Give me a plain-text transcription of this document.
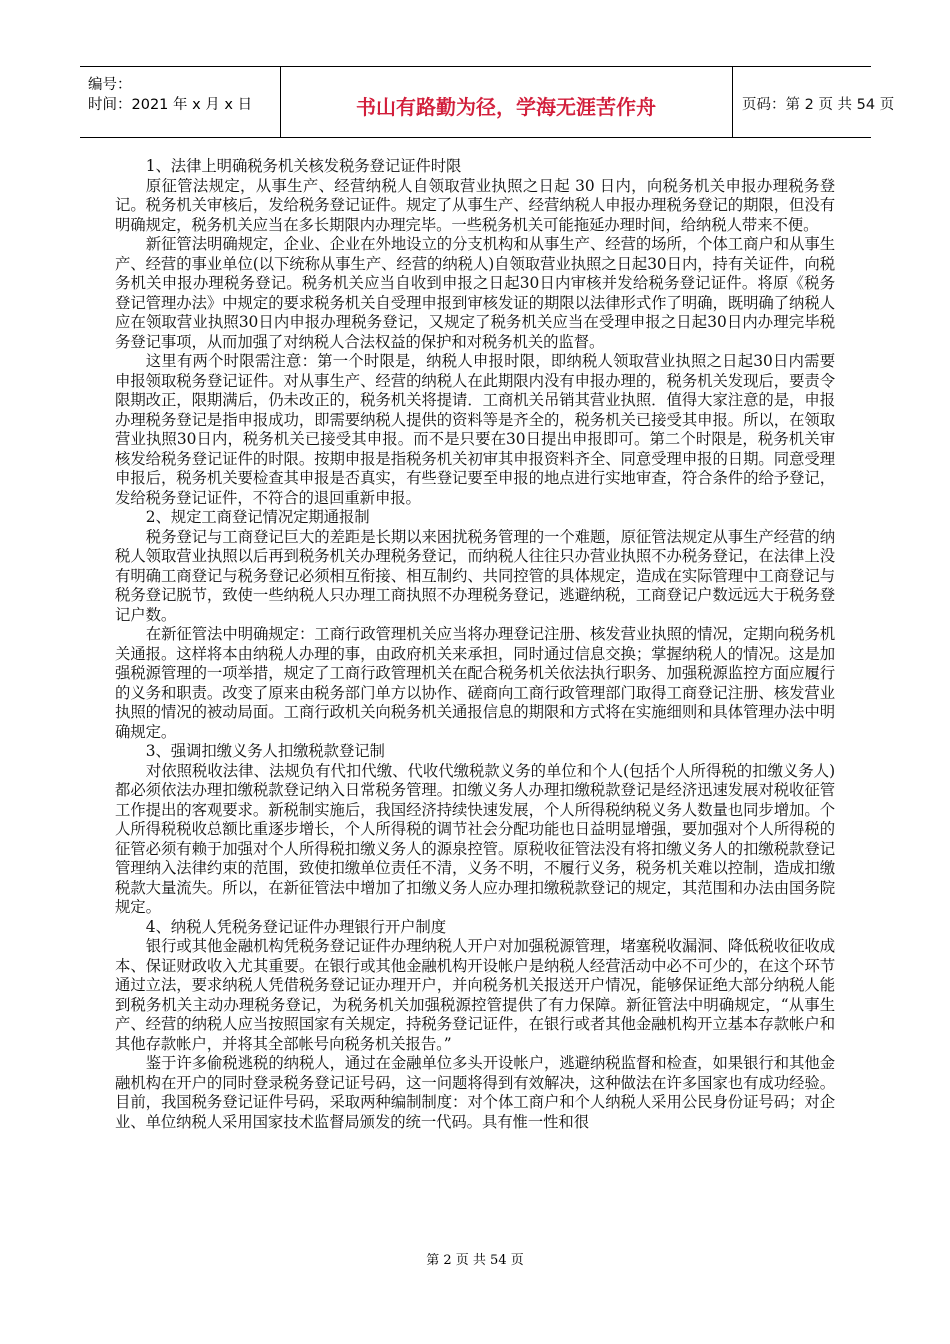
编号：
时间：2021 年 x 月 x 日	书山有路勤为径，学海无涯苦作舟	页码：第 2 页 共 54 页

1、法律上明确税务机关核发税务登记证件时限

原征管法规定，从事生产、经营纳税人自领取营业执照之日起 30 日内，向税务机关申报办理税务登记。税务机关审核后，发给税务登记证件。规定了从事生产、经营纳税人申报办理税务登记的期限，但没有明确规定，税务机关应当在多长期限内办理完毕。一些税务机关可能拖延办理时间，给纳税人带来不便。

新征管法明确规定，企业、企业在外地设立的分支机构和从事生产、经营的场所，个体工商户和从事生产、经营的事业单位(以下统称从事生产、经营的纳税人)自领取营业执照之日起30日内，持有关证件，向税务机关申报办理税务登记。税务机关应当自收到申报之日起30日内审核并发给税务登记证件。将原《税务登记管理办法》中规定的要求税务机关自受理申报到审核发证的期限以法律形式作了明确，既明确了纳税人应在领取营业执照30日内申报办理税务登记，又规定了税务机关应当在受理申报之日起30日内办理完毕税务登记事项，从而加强了对纳税人合法权益的保护和对税务机关的监督。

这里有两个时限需注意：第一个时限是，纳税人申报时限，即纳税人领取营业执照之日起30日内需要申报领取税务登记证件。对从事生产、经营的纳税人在此期限内没有申报办理的，税务机关发现后，要责令限期改正，限期满后，仍未改正的，税务机关将提请．工商机关吊销其营业执照．值得大家注意的是，申报办理税务登记是指申报成功，即需要纳税人提供的资料等是齐全的，税务机关已接受其申报。所以，在领取营业执照30日内，税务机关已接受其申报。而不是只要在30日提出申报即可。第二个时限是，税务机关审核发给税务登记证件的时限。按期申报是指税务机关初审其申报资料齐全、同意受理申报的日期。同意受理申报后，税务机关要检查其申报是否真实，有些登记要至申报的地点进行实地审查，符合条件的给予登记，发给税务登记证件，不符合的退回重新申报。

2、规定工商登记情况定期通报制

税务登记与工商登记巨大的差距是长期以来困扰税务管理的一个难题，原征管法规定从事生产经营的纳税人领取营业执照以后再到税务机关办理税务登记，而纳税人往往只办营业执照不办税务登记，在法律上没有明确工商登记与税务登记必须相互衔接、相互制约、共同控管的具体规定，造成在实际管理中工商登记与税务登记脱节，致使一些纳税人只办理工商执照不办理税务登记，逃避纳税，工商登记户数远远大于税务登记户数。

在新征管法中明确规定：工商行政管理机关应当将办理登记注册、核发营业执照的情况，定期向税务机关通报。这样将本由纳税人办理的事，由政府机关来承担，同时通过信息交换；掌握纳税人的情况。这是加强税源管理的一项举措，规定了工商行政管理机关在配合税务机关依法执行职务、加强税源监控方面应履行的义务和职责。改变了原来由税务部门单方以协作、磋商向工商行政管理部门取得工商登记注册、核发营业执照的情况的被动局面。工商行政机关向税务机关通报信息的期限和方式将在实施细则和具体管理办法中明确规定。

3、强调扣缴义务人扣缴税款登记制

对依照税收法律、法规负有代扣代缴、代收代缴税款义务的单位和个人(包括个人所得税的扣缴义务人)都必须依法办理扣缴税款登记纳入日常税务管理。扣缴义务人办理扣缴税款登记是经济迅速发展对税收征管工作提出的客观要求。新税制实施后，我国经济持续快速发展，个人所得税纳税义务人数量也同步增加。个人所得税税收总额比重逐步增长，个人所得税的调节社会分配功能也日益明显增强，要加强对个人所得税的征管必须有赖于加强对个人所得税扣缴义务人的源泉控管。原税收征管法没有将扣缴义务人的扣缴税款登记管理纳入法律约束的范围，致使扣缴单位责任不清，义务不明，不履行义务，税务机关难以控制，造成扣缴税款大量流失。所以，在新征管法中增加了扣缴义务人应办理扣缴税款登记的规定，其范围和办法由国务院规定。

4、纳税人凭税务登记证件办理银行开户制度

银行或其他金融机构凭税务登记证件办理纳税人开户对加强税源管理，堵塞税收漏洞、降低税收征收成本、保证财政收入尤其重要。在银行或其他金融机构开设帐户是纳税人经营活动中必不可少的，在这个环节通过立法，要求纳税人凭借税务登记证办理开户，并向税务机关报送开户情况，能够保证绝大部分纳税人能到税务机关主动办理税务登记，为税务机关加强税源控管提供了有力保障。新征管法中明确规定，“从事生产、经营的纳税人应当按照国家有关规定，持税务登记证件，在银行或者其他金融机构开立基本存款帐户和其他存款帐户，并将其全部帐号向税务机关报告。”

鉴于许多偷税逃税的纳税人，通过在金融单位多头开设帐户，逃避纳税监督和检查，如果银行和其他金融机构在开户的同时登录税务登记证号码，这一问题将得到有效解决，这种做法在许多国家也有成功经验。目前，我国税务登记证件号码，采取两种编制制度：对个体工商户和个人纳税人采用公民身份证号码；对企业、单位纳税人采用国家技术监督局颁发的统一代码。具有惟一性和很

第 2 页 共 54 页
